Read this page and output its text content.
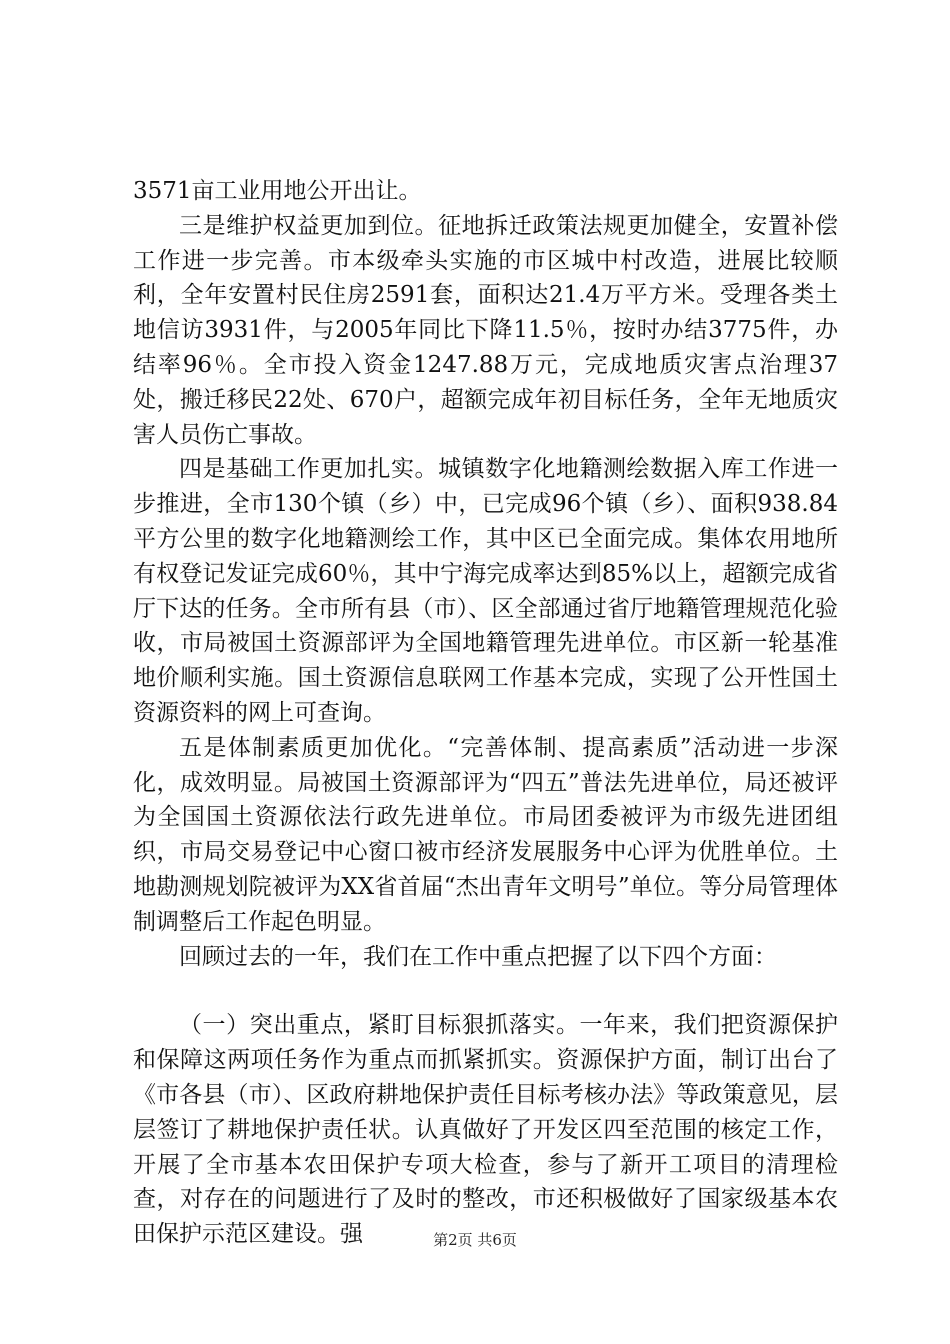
3571亩工业用地公开出让。

三是维护权益更加到位。征地拆迁政策法规更加健全，安置补偿工作进一步完善。市本级牵头实施的市区城中村改造，进展比较顺利，全年安置村民住房2591套，面积达21.4万平方米。受理各类土地信访3931件，与2005年同比下降11.5％，按时办结3775件，办结率96％。全市投入资金1247.88万元，完成地质灾害点治理37处，搬迁移民22处、670户，超额完成年初目标任务，全年无地质灾害人员伤亡事故。

四是基础工作更加扎实。城镇数字化地籍测绘数据入库工作进一步推进，全市130个镇（乡）中，已完成96个镇（乡）、面积938.84平方公里的数字化地籍测绘工作，其中区已全面完成。集体农用地所有权登记发证完成60％，其中宁海完成率达到85%以上，超额完成省厅下达的任务。全市所有县（市）、区全部通过省厅地籍管理规范化验收，市局被国土资源部评为全国地籍管理先进单位。市区新一轮基准地价顺利实施。国土资源信息联网工作基本完成，实现了公开性国土资源资料的网上可查询。

五是体制素质更加优化。“完善体制、提高素质”活动进一步深化，成效明显。局被国土资源部评为“四五”普法先进单位，局还被评为全国国土资源依法行政先进单位。市局团委被评为市级先进团组织，市局交易登记中心窗口被市经济发展服务中心评为优胜单位。土地勘测规划院被评为XX省首届“杰出青年文明号”单位。等分局管理体制调整后工作起色明显。

回顾过去的一年，我们在工作中重点把握了以下四个方面：

（一）突出重点，紧盯目标狠抓落实。一年来，我们把资源保护和保障这两项任务作为重点而抓紧抓实。资源保护方面，制订出台了《市各县（市）、区政府耕地保护责任目标考核办法》等政策意见，层层签订了耕地保护责任状。认真做好了开发区四至范围的核定工作，开展了全市基本农田保护专项大检查，参与了新开工项目的清理检查，对存在的问题进行了及时的整改，市还积极做好了国家级基本农田保护示范区建设。强	第2页 共6页
